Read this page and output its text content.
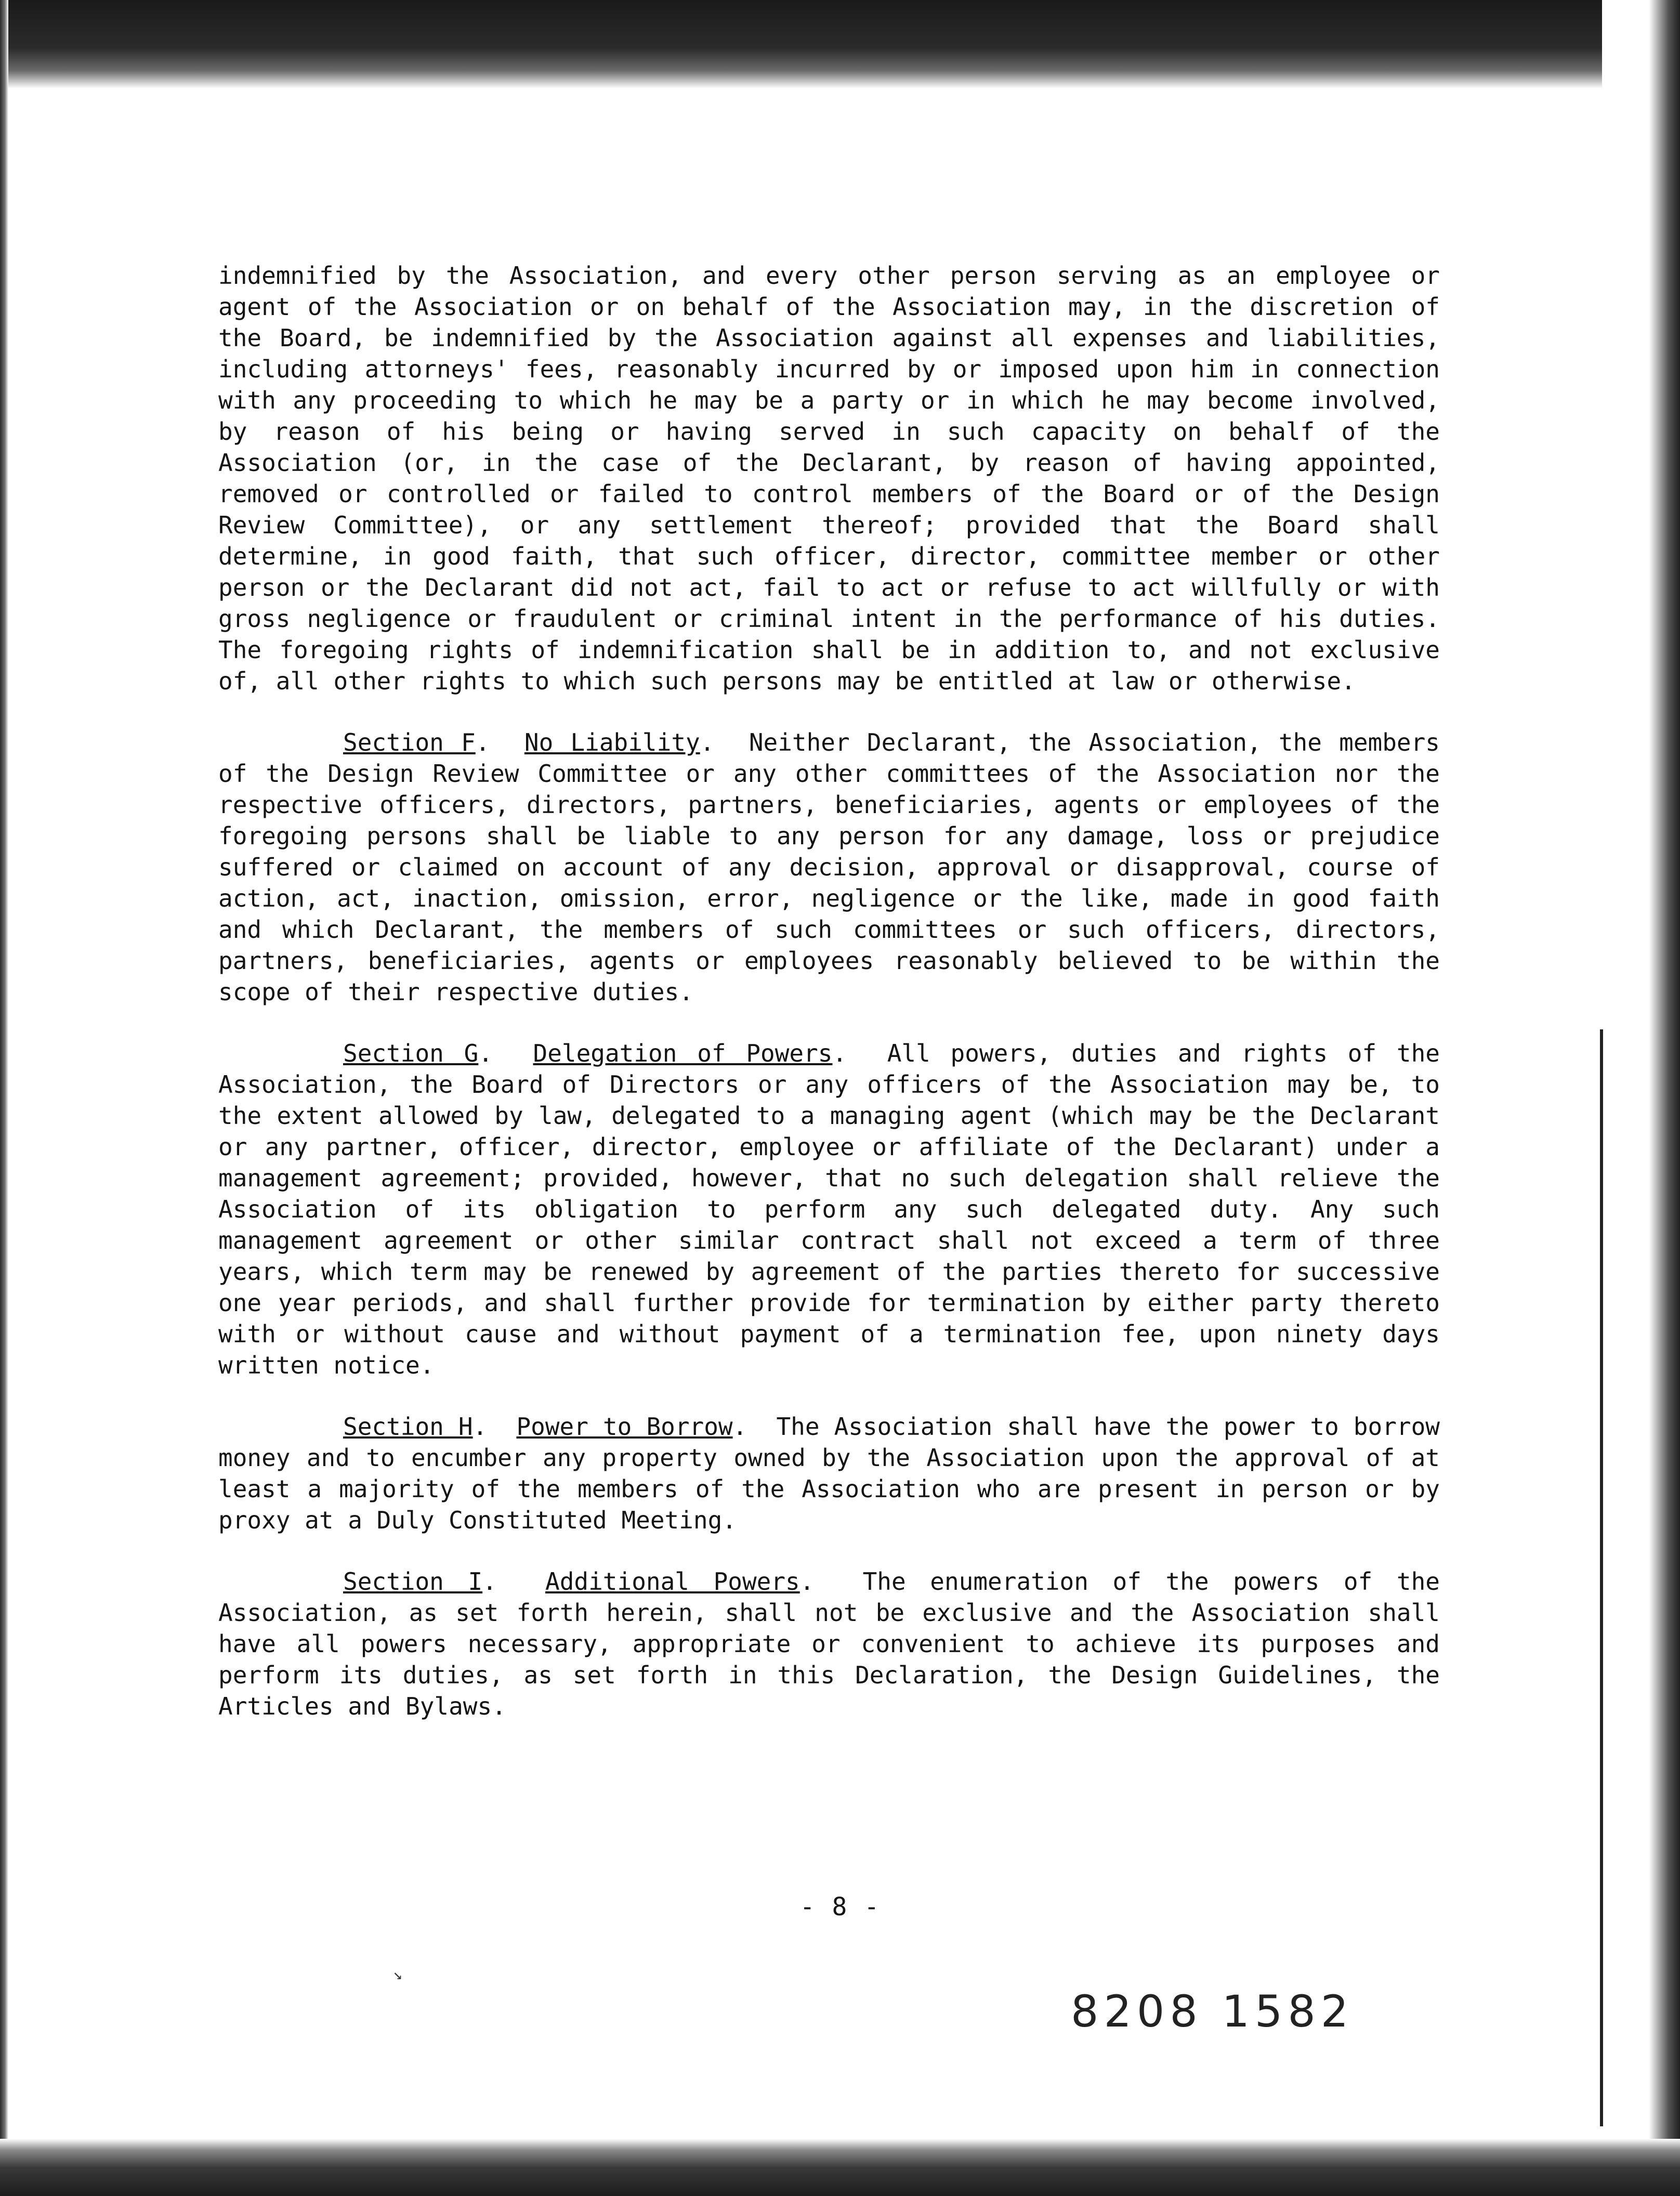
indemnified by the Association, and every other person serving as an employee or agent of the Association or on behalf of the Association may, in the discretion of the Board, be indemnified by the Association against all expenses and liabilities, including attorneys' fees, reasonably incurred by or imposed upon him in connection with any proceeding to which he may be a party or in which he may become involved, by reason of his being or having served in such capacity on behalf of the Association (or, in the case of the Declarant, by reason of having appointed, removed or controlled or failed to control members of the Board or of the Design Review Committee), or any settlement thereof; provided that the Board shall determine, in good faith, that such officer, director, committee member or other person or the Declarant did not act, fail to act or refuse to act willfully or with gross negligence or fraudulent or criminal intent in the performance of his duties. The foregoing rights of indemnification shall be in addition to, and not exclusive of, all other rights to which such persons may be entitled at law or otherwise.

Section F.  No Liability.  Neither Declarant, the Association, the members of the Design Review Committee or any other committees of the Association nor the respective officers, directors, partners, beneficiaries, agents or employees of the foregoing persons shall be liable to any person for any damage, loss or prejudice suffered or claimed on account of any decision, approval or disapproval, course of action, act, inaction, omission, error, negligence or the like, made in good faith and which Declarant, the members of such committees or such officers, directors, partners, beneficiaries, agents or employees reasonably believed to be within the scope of their respective duties.

Section G.  Delegation of Powers.  All powers, duties and rights of the Association, the Board of Directors or any officers of the Association may be, to the extent allowed by law, delegated to a managing agent (which may be the Declarant or any partner, officer, director, employee or affiliate of the Declarant) under a management agreement; provided, however, that no such delegation shall relieve the Association of its obligation to perform any such delegated duty. Any such management agreement or other similar contract shall not exceed a term of three years, which term may be renewed by agreement of the parties thereto for successive one year periods, and shall further provide for termination by either party thereto with or without cause and without payment of a termination fee, upon ninety days written notice.

Section H.  Power to Borrow.  The Association shall have the power to borrow money and to encumber any property owned by the Association upon the approval of at least a majority of the members of the Association who are present in person or by proxy at a Duly Constituted Meeting.

Section I.  Additional Powers.  The enumeration of the powers of the Association, as set forth herein, shall not be exclusive and the Association shall have all powers necessary, appropriate or convenient to achieve its purposes and perform its duties, as set forth in this Declaration, the Design Guidelines, the Articles and Bylaws.

- 8 -
↘
8208 1582
